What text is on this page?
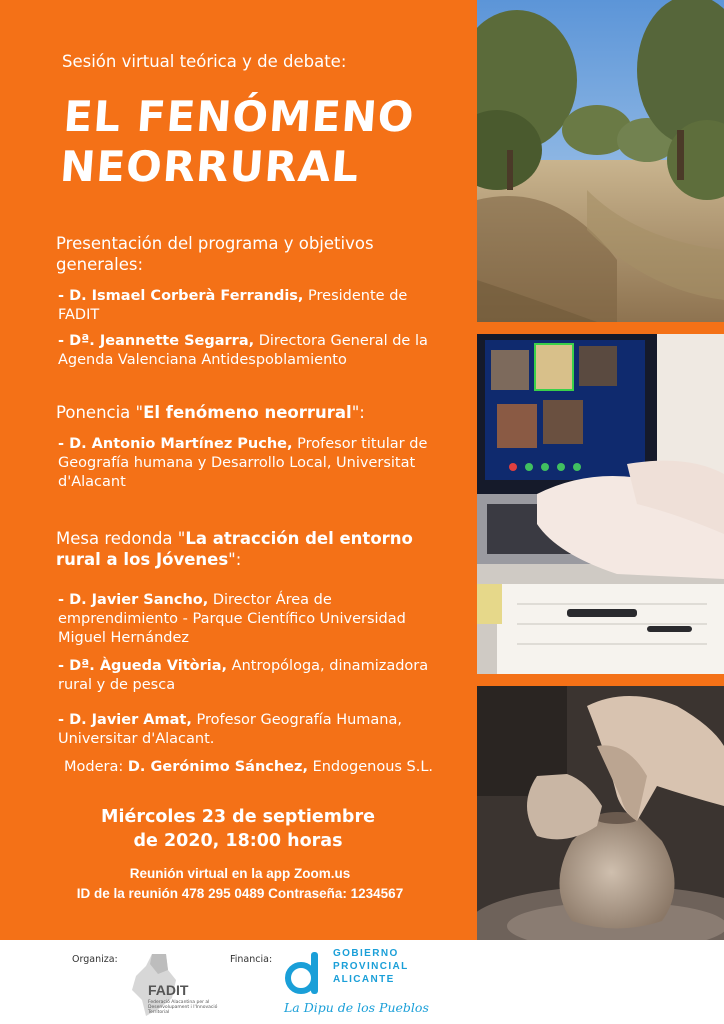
Sesión virtual teórica y de debate:
EL FENÓMENO
NEORRURAL
Presentación del programa y objetivos generales:
- D. Ismael Corberà Ferrandis, Presidente de FADIT
- Dª. Jeannette Segarra, Directora General de la Agenda Valenciana Antidespoblamiento
Ponencia "El fenómeno neorrural":
- D. Antonio Martínez Puche, Profesor titular de Geografía humana y Desarrollo Local, Universitat d'Alacant
Mesa redonda "La atracción del entorno rural a los Jóvenes":
- D. Javier Sancho, Director Área de emprendimiento - Parque Científico Universidad Miguel Hernández
- Dª. Àgueda Vitòria, Antropóloga, dinamizadora rural y de pesca
- D. Javier Amat, Profesor Geografía Humana, Universitar d'Alacant.
Modera: D. Gerónimo Sánchez, Endogenous S.L.
Miércoles 23 de septiembre
de 2020, 18:00 horas
Reunión virtual en la app Zoom.us
ID de la reunión 478 295 0489 Contraseña: 1234567
Organiza:
FADIT
Federació Alacantina per al Desenvolupament i l'Innovació Territorial
Financia:
GOBIERNO
PROVINCIAL
ALICANTE
La Dipu de los Pueblos
